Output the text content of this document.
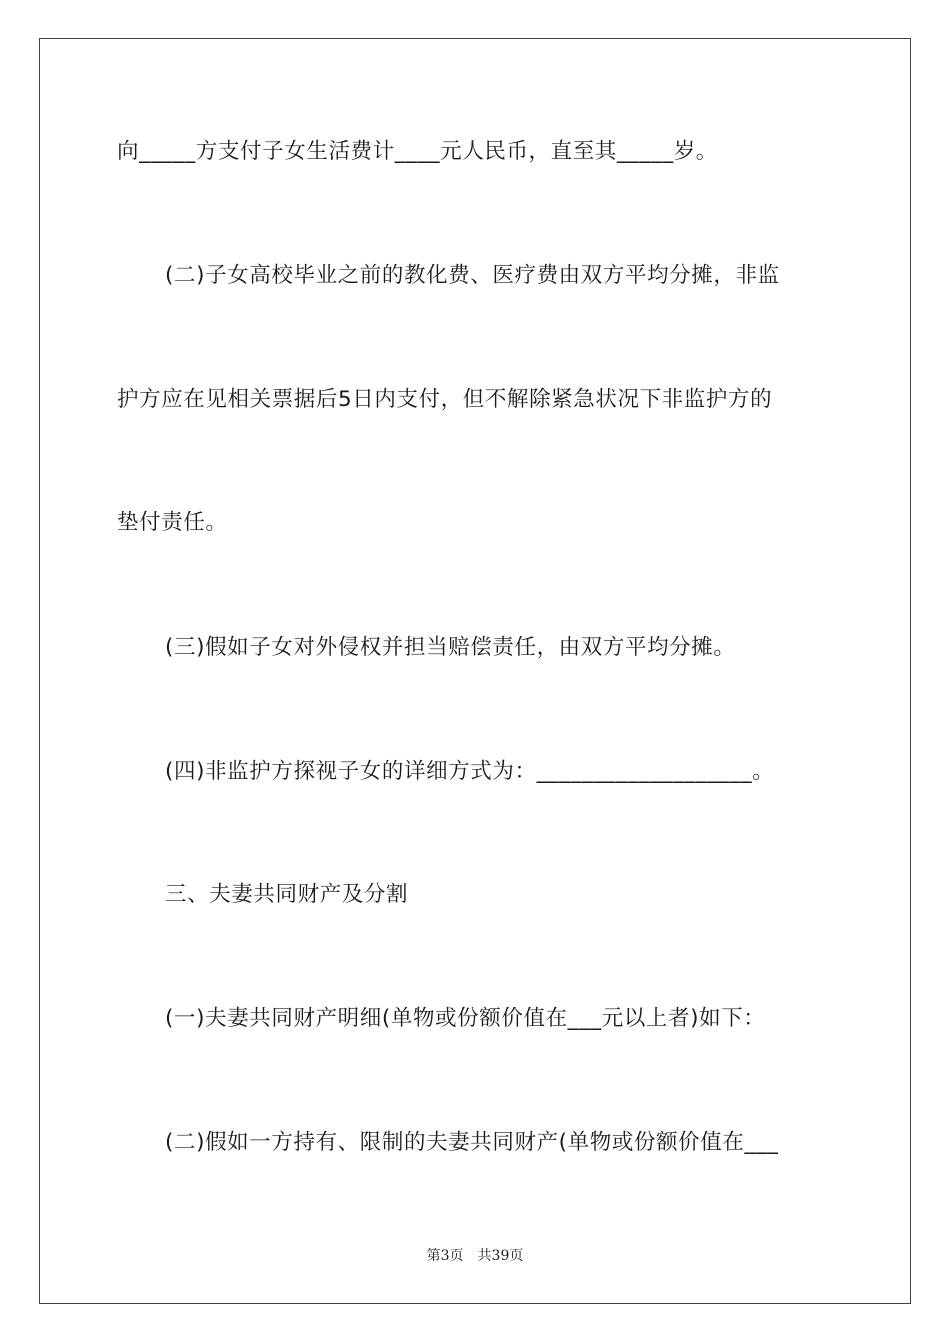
向_____方支付子女生活费计____元人民币，直至其_____岁。
(二)子女高校毕业之前的教化费、医疗费由双方平均分摊，非监
护方应在见相关票据后5日内支付，但不解除紧急状况下非监护方的
垫付责任。
(三)假如子女对外侵权并担当赔偿责任，由双方平均分摊。
(四)非监护方探视子女的详细方式为：___________________。
三、夫妻共同财产及分割
(一)夫妻共同财产明细(单物或份额价值在___元以上者)如下：
(二)假如一方持有、限制的夫妻共同财产(单物或份额价值在___
第3页 共39页
